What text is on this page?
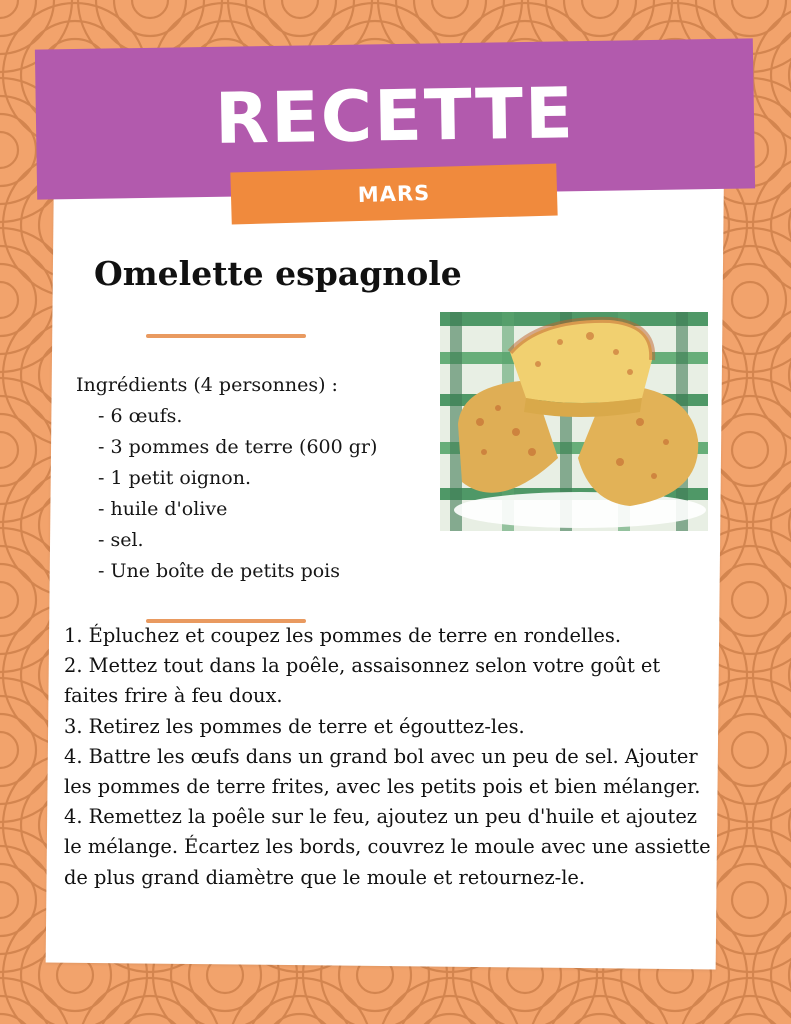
RECETTE
MARS
Omelette espagnole
Ingrédients (4 personnes) :
- 6 œufs.
- 3 pommes de terre (600 gr)
- 1 petit oignon.
- huile d'olive
- sel.
- Une boîte de petits pois

1. Épluchez et coupez les pommes de terre en rondelles.

2. Mettez tout dans la poêle, assaisonnez selon votre goût et faites frire à feu doux.

3. Retirez les pommes de terre et égouttez-les.

4. Battre les œufs dans un grand bol avec un peu de sel. Ajouter les pommes de terre frites, avec les petits pois et bien mélanger.

4. Remettez la poêle sur le feu, ajoutez un peu d'huile et ajoutez le mélange. Écartez les bords, couvrez le moule avec une assiette de plus grand diamètre que le moule et retournez-le.
